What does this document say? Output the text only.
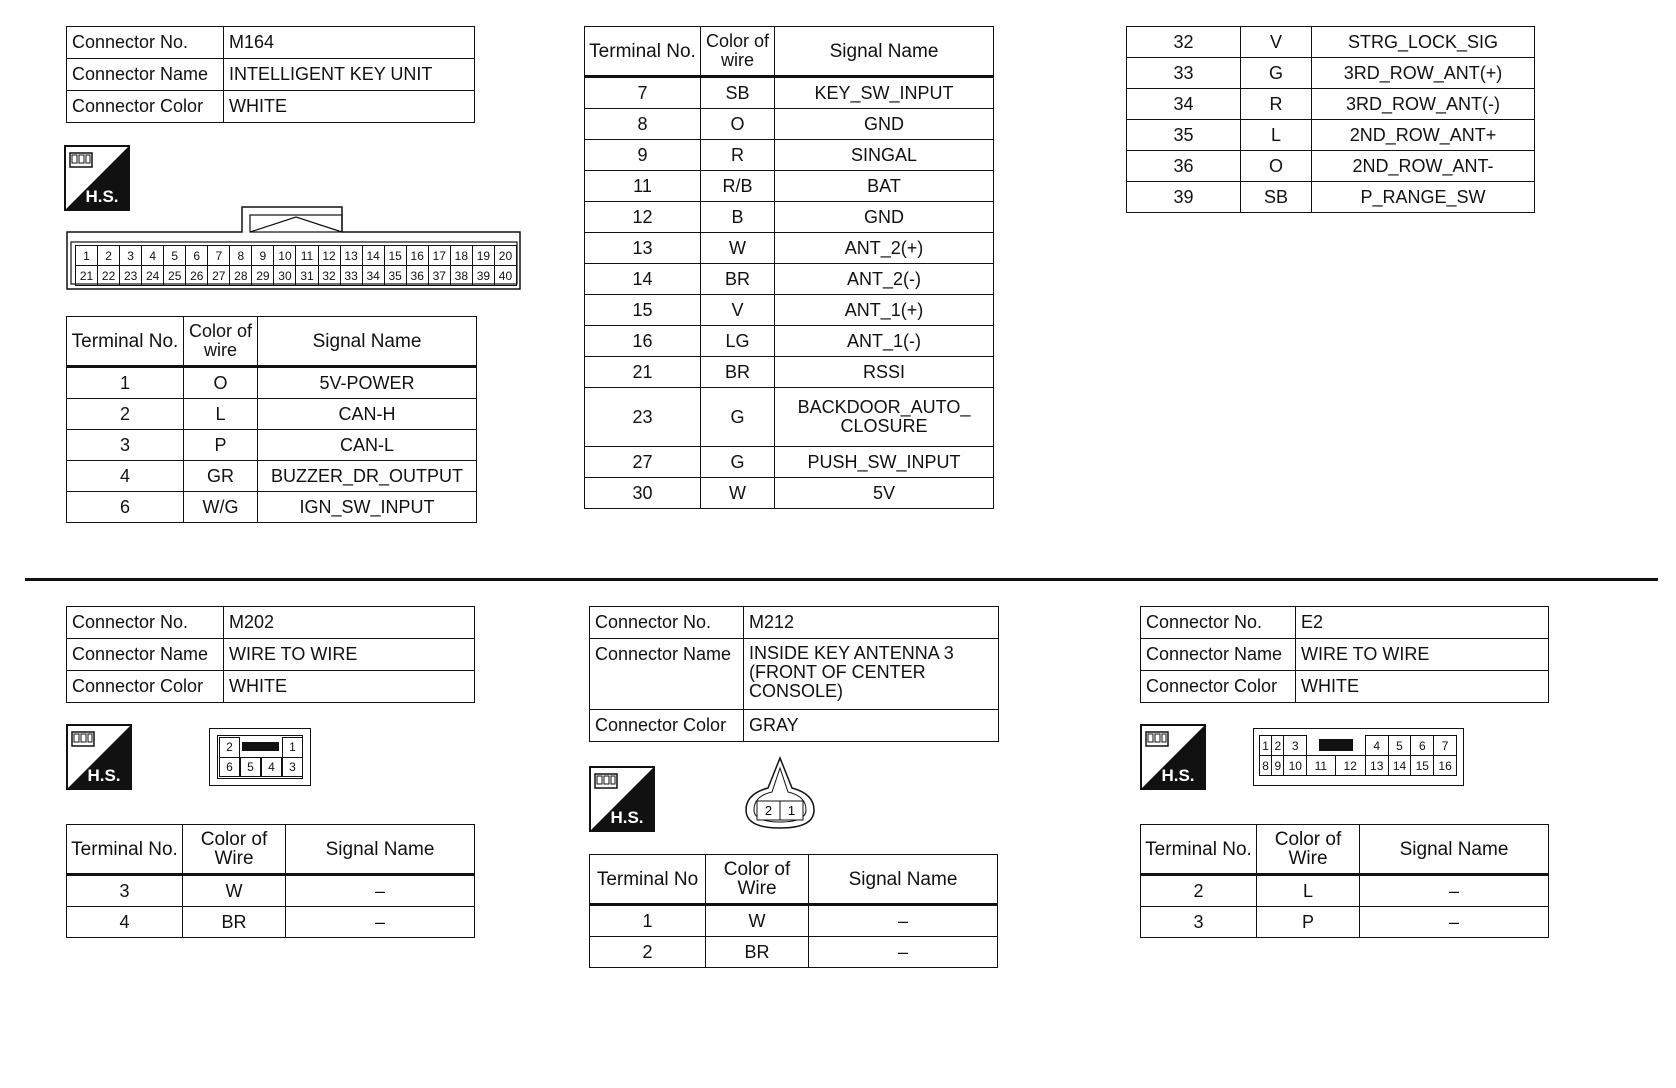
Connector No.	M164
Connector Name	INTELLIGENT KEY UNIT
Connector Color	WHITE
H.S.
1	2	3	4	5	6	7	8	9	10	11	12	13	14	15	16	17	18	19	20
21	22	23	24	25	26	27	28	29	30	31	32	33	34	35	36	37	38	39	40
Terminal No.	Color of wire	Signal Name
1	O	5V-POWER
2	L	CAN-H
3	P	CAN-L
4	GR	BUZZER_DR_OUTPUT
6	W/G	IGN_SW_INPUT
Terminal No.	Color of wire	Signal Name
7	SB	KEY_SW_INPUT
8	O	GND
9	R	SINGAL
11	R/B	BAT
12	B	GND
13	W	ANT_2(+)
14	BR	ANT_2(-)
15	V	ANT_1(+)
16	LG	ANT_1(-)
21	BR	RSSI
23	G	BACKDOOR_AUTO_ CLOSURE
27	G	PUSH_SW_INPUT
30	W	5V
32	V	STRG_LOCK_SIG
33	G	3RD_ROW_ANT(+)
34	R	3RD_ROW_ANT(-)
35	L	2ND_ROW_ANT+
36	O	2ND_ROW_ANT-
39	SB	P_RANGE_SW
Connector No.	M202
Connector Name	WIRE TO WIRE
Connector Color	WHITE
H.S.
2	1
6	5	4	3
Terminal No.	Color of Wire	Signal Name
3	W	–
4	BR	–
Connector No.	M212
Connector Name	INSIDE KEY ANTENNA 3 (FRONT OF CENTER CONSOLE)
Connector Color	GRAY
H.S.	2 1
Terminal No	Color of Wire	Signal Name
1	W	–
2	BR	–
Connector No.	E2
Connector Name	WIRE TO WIRE
Connector Color	WHITE
H.S.
1	2	3			4	5	6	7
8	9	10	11	12	13	14	15	16
Terminal No.	Color of Wire	Signal Name
2	L	–
3	P	–
